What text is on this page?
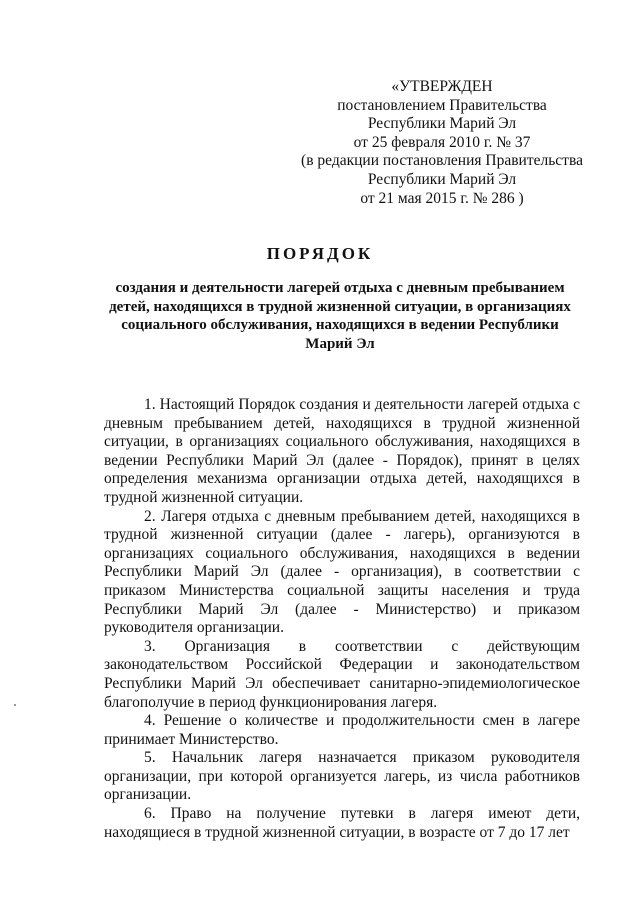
«УТВЕРЖДЕН
постановлением Правительства
Республики Марий Эл
от 25 февраля 2010 г. № 37
(в редакции постановления Правительства
Республики Марий Эл
от 21 мая 2015 г. № 286 )
ПОРЯДОК
создания и деятельности лагерей отдыха с дневным пребыванием детей, находящихся в трудной жизненной ситуации, в организациях социального обслуживания, находящихся в ведении Республики Марий Эл

1. Настоящий Порядок создания и деятельности лагерей отдыха с дневным пребыванием детей, находящихся в трудной жизненной ситуации, в организациях социального обслуживания, находящихся в ведении Республики Марий Эл (далее - Порядок), принят в целях определения механизма организации отдыха детей, находящихся в трудной жизненной ситуации.

2. Лагеря отдыха с дневным пребыванием детей, находящихся в трудной жизненной ситуации (далее - лагерь), организуются в организациях социального обслуживания, находящихся в ведении Республики Марий Эл (далее - организация), в соответствии с приказом Министерства социальной защиты населения и труда Республики Марий Эл (далее - Министерство) и приказом руководителя организации.

3. Организация в соответствии с действующим законодательством Российской Федерации и законодательством Республики Марий Эл обеспечивает санитарно-эпидемиологическое благополучие в период функционирования лагеря.

4. Решение о количестве и продолжительности смен в лагере принимает Министерство.

5. Начальник лагеря назначается приказом руководителя организации, при которой организуется лагерь, из числа работников организации.

6. Право на получение путевки в лагеря имеют дети, находящиеся в трудной жизненной ситуации, в возрасте от 7 до 17 лет
